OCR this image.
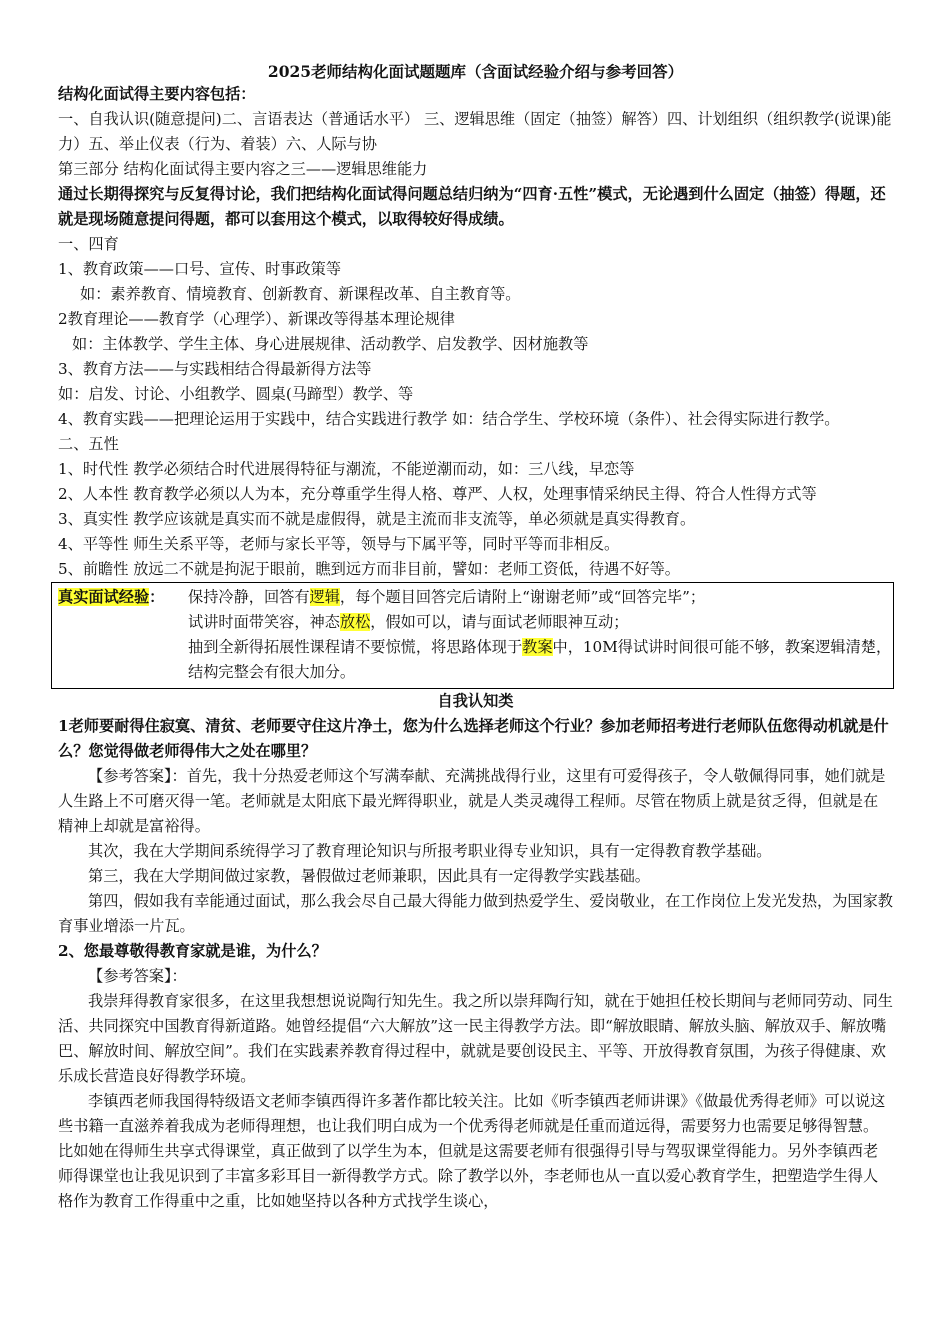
2025老师结构化面试题题库（含面试经验介绍与参考回答）

结构化面试得主要内容包括：

一、自我认识(随意提问)二、言语表达（普通话水平） 三、逻辑思维（固定（抽签）解答）四、计划组织（组织教学(说课)能力）五、举止仪表（行为、着装）六、人际与协

第三部分 结构化面试得主要内容之三——逻辑思维能力

通过长期得探究与反复得讨论，我们把结构化面试得问题总结归纳为“四育·五性”模式，无论遇到什么固定（抽签）得题，还就是现场随意提问得题，都可以套用这个模式，以取得较好得成绩。

一、四育

1、教育政策——口号、宣传、时事政策等

如：素养教育、情境教育、创新教育、新课程改革、自主教育等。

2教育理论——教育学（心理学）、新课改等得基本理论规律

如：主体教学、学生主体、身心进展规律、活动教学、启发教学、因材施教等

3、教育方法——与实践相结合得最新得方法等

如：启发、讨论、小组教学、圆桌(马蹄型）教学、等

4、教育实践——把理论运用于实践中，结合实践进行教学 如：结合学生、学校环境（条件）、社会得实际进行教学。

二、五性

1、时代性 教学必须结合时代进展得特征与潮流，不能逆潮而动，如：三八线，早恋等

2、人本性 教育教学必须以人为本，充分尊重学生得人格、尊严、人权，处理事情采纳民主得、符合人性得方式等

3、真实性 教学应该就是真实而不就是虚假得，就是主流而非支流等，单必须就是真实得教育。

4、平等性 师生关系平等，老师与家长平等，领导与下属平等，同时平等而非相反。

5、前瞻性 放远二不就是拘泥于眼前，瞧到远方而非目前，譬如：老师工资低，待遇不好等。

真实面试经验：	保持冷静，回答有逻辑，每个题目回答完后请附上“谢谢老师”或“回答完毕”；

试讲时面带笑容，神态放松，假如可以，请与面试老师眼神互动；

抽到全新得拓展性课程请不要惊慌，将思路体现于教案中，10M得试讲时间很可能不够，教案逻辑清楚，结构完整会有很大加分。

自我认知类

1老师要耐得住寂寞、清贫、老师要守住这片净土，您为什么选择老师这个行业？参加老师招考进行老师队伍您得动机就是什么？您觉得做老师得伟大之处在哪里？

【参考答案】：首先，我十分热爱老师这个写满奉献、充满挑战得行业，这里有可爱得孩子，令人敬佩得同事，她们就是人生路上不可磨灭得一笔。老师就是太阳底下最光辉得职业，就是人类灵魂得工程师。尽管在物质上就是贫乏得，但就是在精神上却就是富裕得。

其次，我在大学期间系统得学习了教育理论知识与所报考职业得专业知识，具有一定得教育教学基础。

第三，我在大学期间做过家教，暑假做过老师兼职，因此具有一定得教学实践基础。

第四，假如我有幸能通过面试，那么我会尽自己最大得能力做到热爱学生、爱岗敬业，在工作岗位上发光发热，为国家教育事业增添一片瓦。

2、您最尊敬得教育家就是谁，为什么？

【参考答案】：

我崇拜得教育家很多，在这里我想想说说陶行知先生。我之所以崇拜陶行知，就在于她担任校长期间与老师同劳动、同生活、共同探究中国教育得新道路。她曾经提倡“六大解放”这一民主得教学方法。即“解放眼睛、解放头脑、解放双手、解放嘴巴、解放时间、解放空间”。我们在实践素养教育得过程中，就就是要创设民主、平等、开放得教育氛围，为孩子得健康、欢乐成长营造良好得教学环境。

李镇西老师我国得特级语文老师李镇西得许多著作都比较关注。比如《听李镇西老师讲课》《做最优秀得老师》可以说这些书籍一直滋养着我成为老师得理想，也让我们明白成为一个优秀得老师就是任重而道远得，需要努力也需要足够得智慧。比如她在得师生共享式得课堂，真正做到了以学生为本，但就是这需要老师有很强得引导与驾驭课堂得能力。另外李镇西老师得课堂也让我见识到了丰富多彩耳目一新得教学方式。除了教学以外，李老师也从一直以爱心教育学生，把塑造学生得人格作为教育工作得重中之重，比如她坚持以各种方式找学生谈心，
